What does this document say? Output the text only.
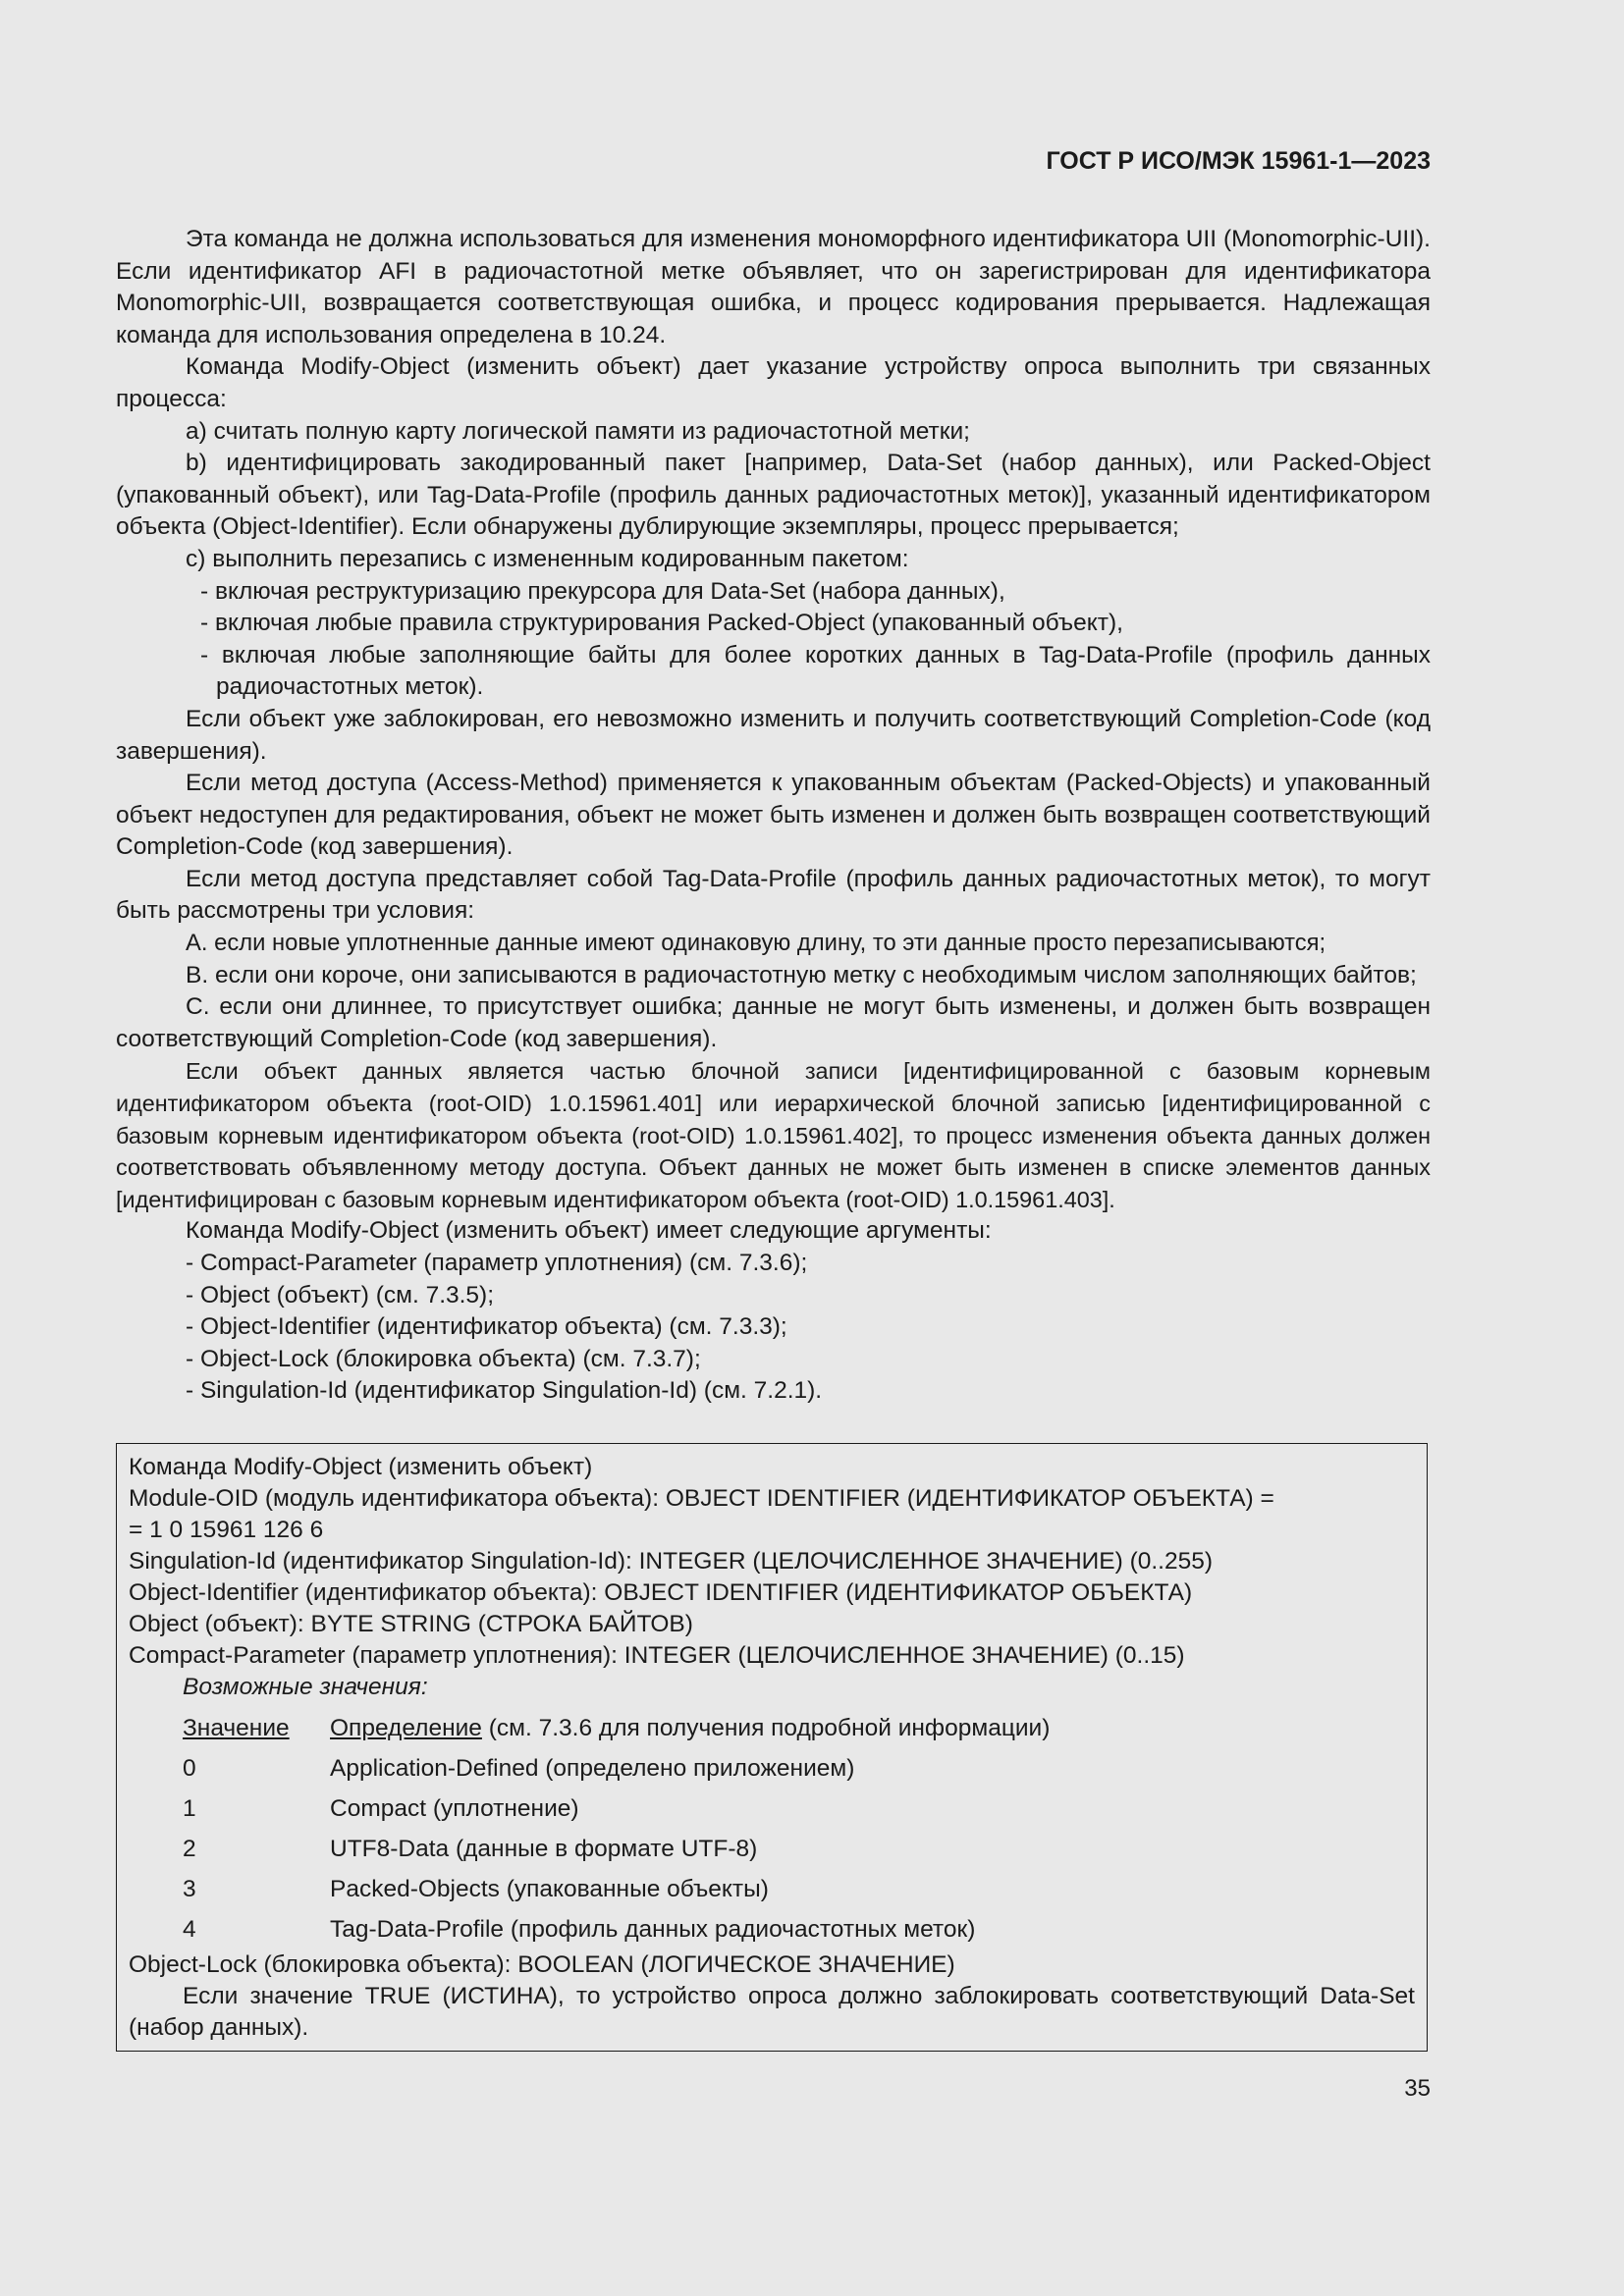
ГОСТ Р ИСО/МЭК 15961-1—2023

Эта команда не должна использоваться для изменения мономорфного идентификатора UII (Monomorphic-UII). Если идентификатор AFI в радиочастотной метке объявляет, что он зарегистрирован для идентификатора Monomorphic-UII, возвращается соответствующая ошибка, и процесс кодирования прерывается. Надлежащая команда для использования определена в 10.24.

Команда Modify-Object (изменить объект) дает указание устройству опроса выполнить три связанных процесса:

a) считать полную карту логической памяти из радиочастотной метки;

b) идентифицировать закодированный пакет [например, Data-Set (набор данных), или Packed-Object (упакованный объект), или Tag-Data-Profile (профиль данных радиочастотных меток)], указанный идентификатором объекта (Object-Identifier). Если обнаружены дублирующие экземпляры, процесс прерывается;

c) выполнить перезапись с измененным кодированным пакетом:

- включая реструктуризацию прекурсора для Data-Set (набора данных),

- включая любые правила структурирования Packed-Object (упакованный объект),

- включая любые заполняющие байты для более коротких данных в Tag-Data-Profile (профиль данных радиочастотных меток).

Если объект уже заблокирован, его невозможно изменить и получить соответствующий Completion-Code (код завершения).

Если метод доступа (Access-Method) применяется к упакованным объектам (Packed-Objects) и упакованный объект недоступен для редактирования, объект не может быть изменен и должен быть возвращен соответствующий Completion-Code (код завершения).

Если метод доступа представляет собой Tag-Data-Profile (профиль данных радиочастотных меток), то могут быть рассмотрены три условия:

A. если новые уплотненные данные имеют одинаковую длину, то эти данные просто перезаписываются;

B. если они короче, они записываются в радиочастотную метку с необходимым числом заполняющих байтов;

C. если они длиннее, то присутствует ошибка; данные не могут быть изменены, и должен быть возвращен соответствующий Completion-Code (код завершения).

Если объект данных является частью блочной записи [идентифицированной с базовым корневым идентификатором объекта (root-OID) 1.0.15961.401] или иерархической блочной записью [идентифицированной с базовым корневым идентификатором объекта (root-OID) 1.0.15961.402], то процесс изменения объекта данных должен соответствовать объявленному методу доступа. Объект данных не может быть изменен в списке элементов данных [идентифицирован с базовым корневым идентификатором объекта (root-OID) 1.0.15961.403].

Команда Modify-Object (изменить объект) имеет следующие аргументы:

- Compact-Parameter (параметр уплотнения) (см. 7.3.6);

- Object (объект) (см. 7.3.5);

- Object-Identifier (идентификатор объекта) (см. 7.3.3);

- Object-Lock (блокировка объекта) (см. 7.3.7);

- Singulation-Id (идентификатор Singulation-Id) (см. 7.2.1).

Команда Modify-Object (изменить объект)

Module-OID (модуль идентификатора объекта): OBJECT IDENTIFIER (ИДЕНТИФИКАТОР ОБЪЕКТА) =

= 1 0 15961 126 6

Singulation-Id (идентификатор Singulation-Id): INTEGER (ЦЕЛОЧИСЛЕННОЕ ЗНАЧЕНИЕ) (0..255)

Object-Identifier (идентификатор объекта): OBJECT IDENTIFIER (ИДЕНТИФИКАТОР ОБЪЕКТА)

Object (объект): BYTE STRING (СТРОКА БАЙТОВ)

Compact-Parameter (параметр уплотнения): INTEGER (ЦЕЛОЧИСЛЕННОЕ ЗНАЧЕНИЕ) (0..15)

Возможные значения:

Значение	Определение (см. 7.3.6 для получения подробной информации)
0	Application-Defined (определено приложением)
1	Compact (уплотнение)
2	UTF8-Data (данные в формате UTF-8)
3	Packed-Objects (упакованные объекты)
4	Tag-Data-Profile (профиль данных радиочастотных меток)

Object-Lock (блокировка объекта): BOOLEAN (ЛОГИЧЕСКОЕ ЗНАЧЕНИЕ)

Если значение TRUE (ИСТИНА), то устройство опроса должно заблокировать соответствующий Data-Set (набор данных).

35
